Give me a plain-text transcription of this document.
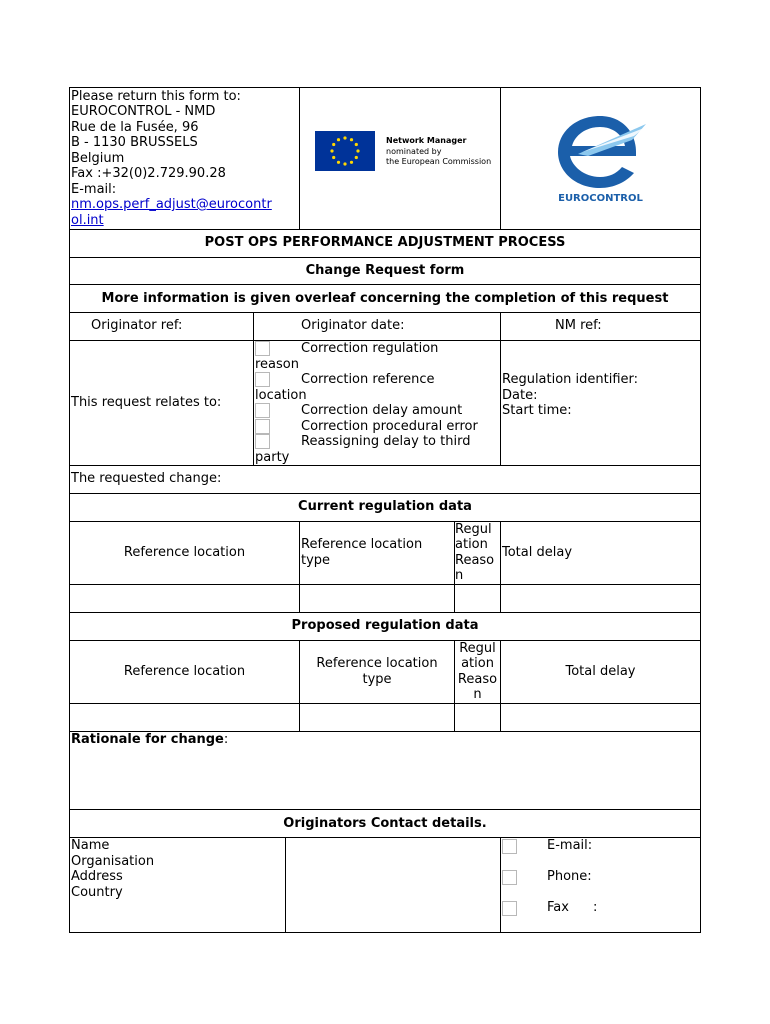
Please return this form to:
EUROCONTROL - NMD
Rue de la Fusée, 96
B - 1130 BRUSSELS
Belgium
Fax :+32(0)2.729.90.28
E-mail:
nm.ops.perf_adjust@eurocontr
ol.int
Network Manager
nominated by
the European Commission
EUROCONTROL
POST OPS PERFORMANCE ADJUSTMENT PROCESS
Change Request form
More information is given overleaf concerning the completion of this request
Originator ref:	Originator date:	NM ref:
This request relates to:
Correction regulation
reason
Correction reference
location
Correction delay amount
Correction procedural error
Reassigning delay to third
party
Regulation identifier:
Date:
Start time:
The requested change:
Current regulation data
Reference location
Reference location
type
Regul
ation
Reaso
n
Total delay
Proposed regulation data
Reference location
Reference location
type
Regul
ation
Reaso
n
Total delay
Rationale for change:
Originators Contact details.
Name
Organisation
Address
Country
E-mail:
Phone:
Fax :
